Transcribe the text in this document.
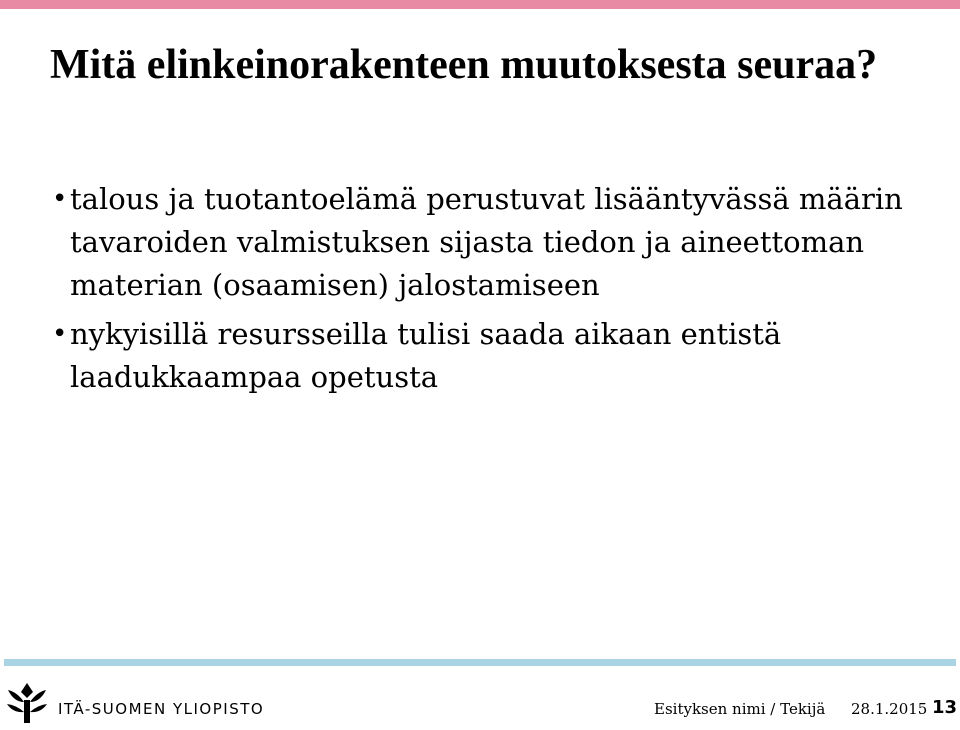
Mitä elinkeinorakenteen muutoksesta seuraa?
• talous ja tuotantoelämä perustuvat lisääntyvässä määrin tavaroiden valmistuksen sijasta tiedon ja aineettoman materian (osaamisen) jalostamiseen
• nykyisillä resursseilla tulisi saada aikaan entistä laadukkaampaa opetusta
ITÄ-SUOMEN YLIOPISTO	Esityksen nimi / Tekijä 28.1.2015 13
